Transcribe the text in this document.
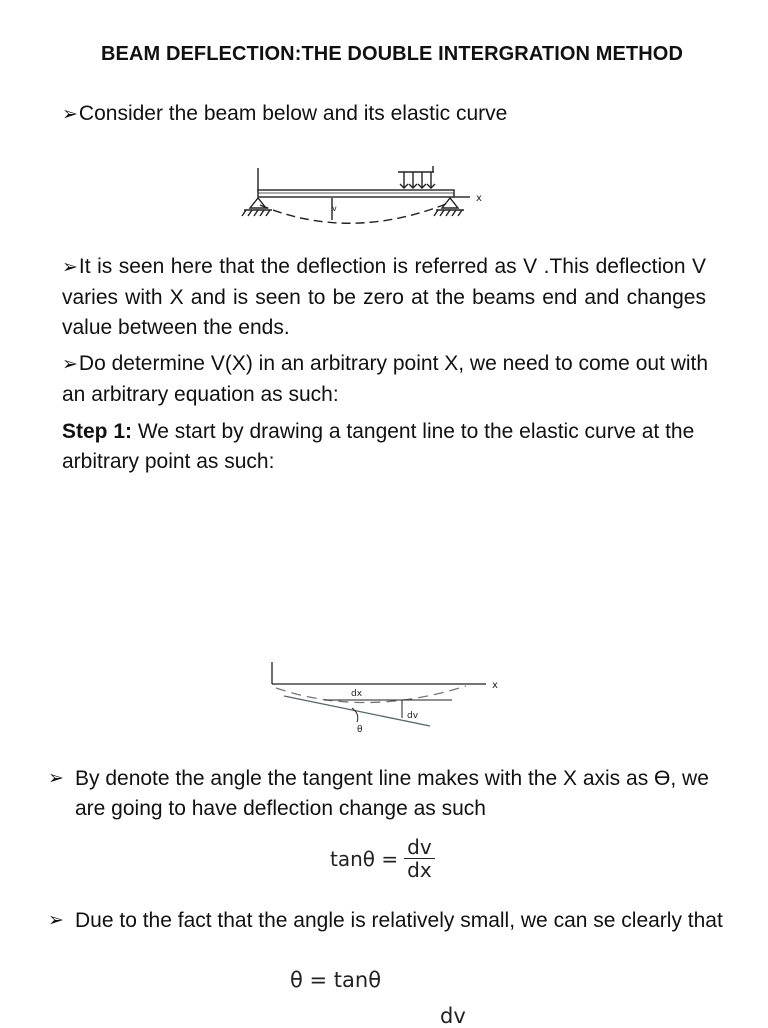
BEAM DEFLECTION:THE DOUBLE INTERGRATION METHOD
➢Consider the beam below and its elastic curve
x
v
➢It is seen here that the deflection is referred as V .This deflection V varies with X and is seen to be zero at the beams end and changes value between the ends.
➢Do determine V(X) in an arbitrary point X, we need to come out with an arbitrary equation as such:
Step 1: We start by drawing a tangent line to the elastic curve at the arbitrary point as such:
x
dx
dv
θ
➢ By denote the angle the tangent line makes with the X axis as ϴ, we are going to have deflection change as such
$\tan\theta = \frac{dv}{dx}$
➢ Due to the fact that the angle is relatively small, we can se clearly that
θ = tanθ
dv
